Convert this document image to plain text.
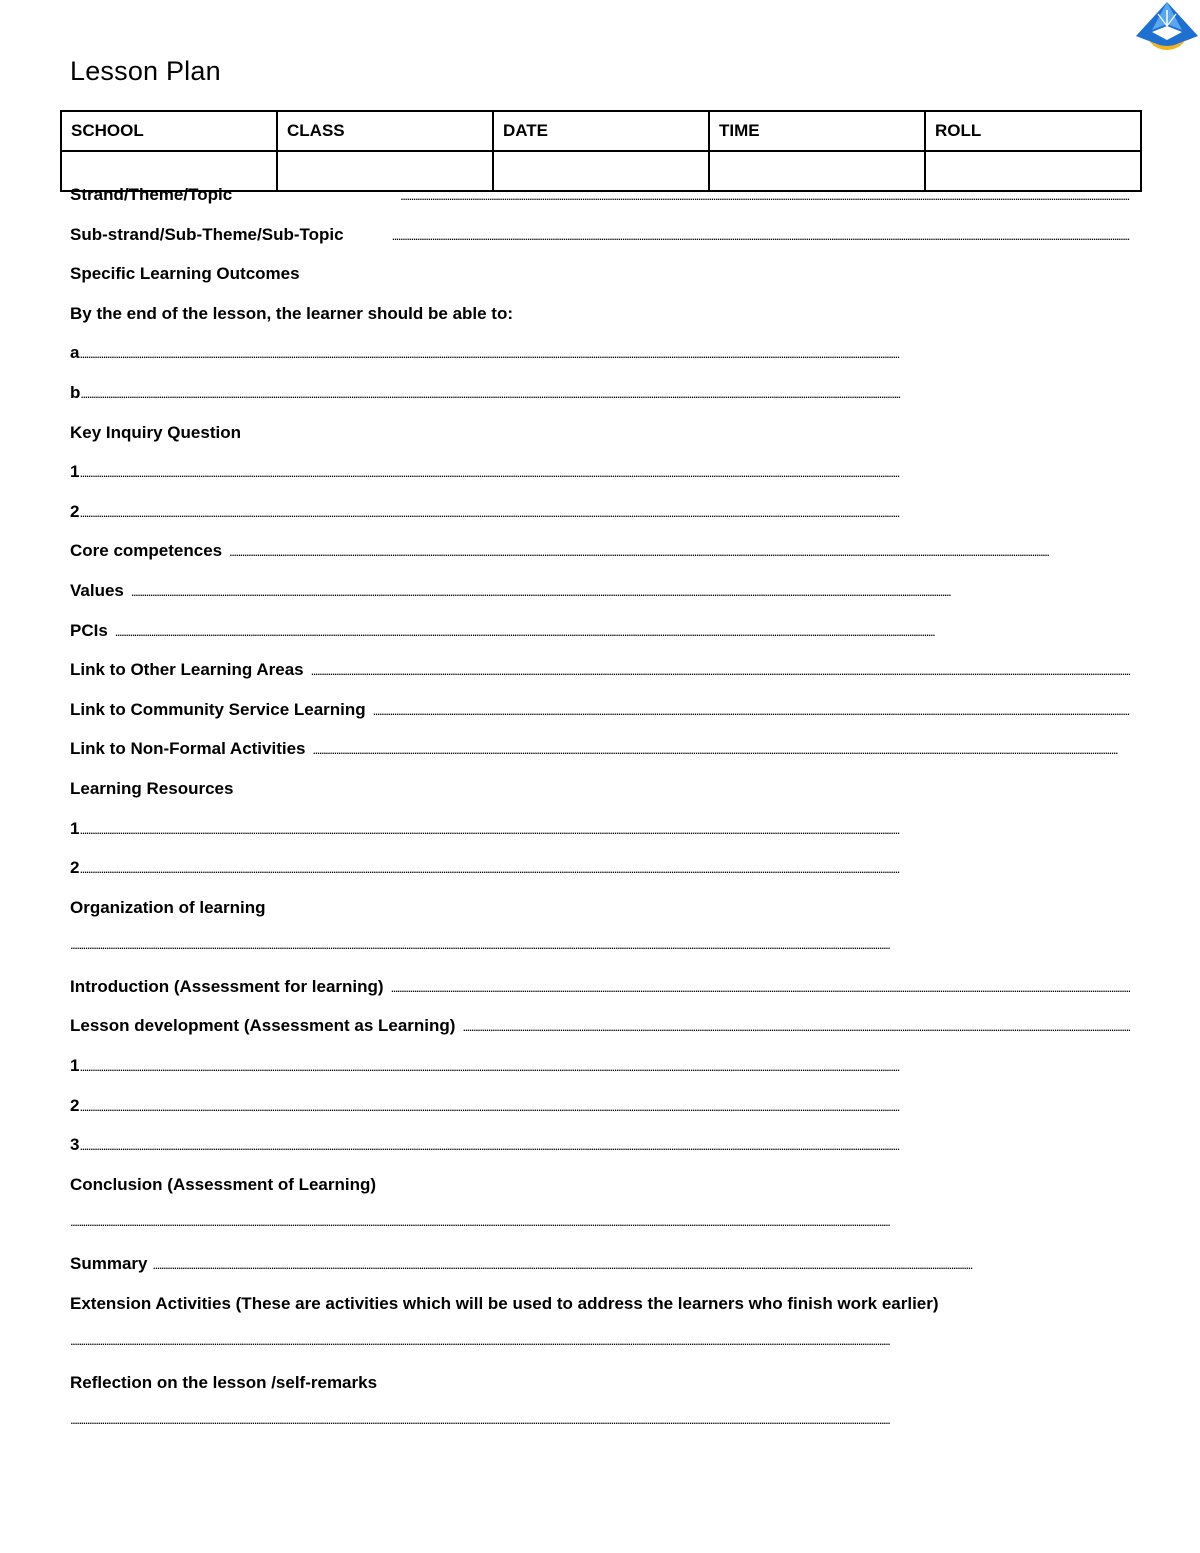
Lesson Plan
SCHOOL	CLASS	DATE	TIME	ROLL

Strand/Theme/Topic
.....
Sub-strand/Sub-Theme/Sub-Topic
.....
Specific Learning Outcomes
By the end of the lesson, the learner should be able to:
a
.....
b
.....
Key Inquiry Question
1
.....
2
.....
Core competences
.....
Values
.....
PCIs
.....
Link to Other Learning Areas
.....
Link to Community Service Learning
.....
Link to Non-Formal Activities
.....
Learning Resources
1
.....
2
.....
Organization of learning
.....
Introduction (Assessment for learning)
.....
Lesson development (Assessment as Learning)
.....
1
.....
2
.....
3
.....
Conclusion (Assessment of Learning)
.....
Summary
.....
Extension Activities (These are activities which will be used to address the learners who finish work earlier)
.....
Reflection on the lesson /self-remarks
.....
